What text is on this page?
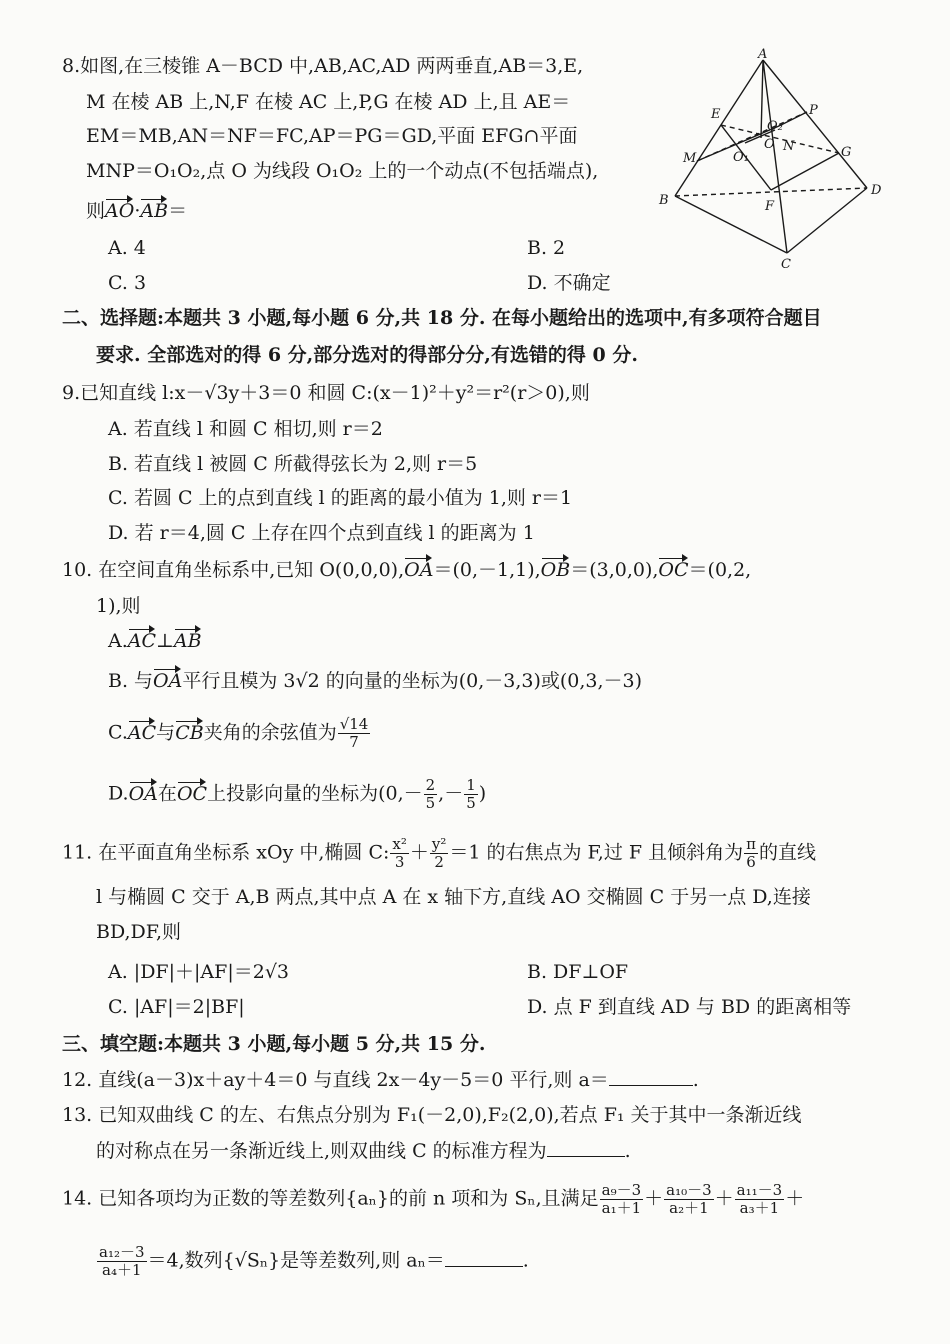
8.如图,在三棱锥 A－BCD 中,AB,AC,AD 两两垂直,AB＝3,E,
M 在棱 AB 上,N,F 在棱 AC 上,P,G 在棱 AD 上,且 AE＝
EM＝MB,AN＝NF＝FC,AP＝PG＝GD,平面 EFG∩平面
MNP＝O₁O₂,点 O 为线段 O₁O₂ 上的一个动点(不包括端点),
则AO·AB＝
A. 4	B. 2
C. 3	D. 不确定
A
B
C
D
E
M
F
N
P
G
O
O₁
O₂
二、选择题:本题共 3 小题,每小题 6 分,共 18 分. 在每小题给出的选项中,有多项符合题目
要求. 全部选对的得 6 分,部分选对的得部分分,有选错的得 0 分.
9.已知直线 l:x－√3y＋3＝0 和圆 C:(x－1)²＋y²＝r²(r＞0),则
A. 若直线 l 和圆 C 相切,则 r＝2
B. 若直线 l 被圆 C 所截得弦长为 2,则 r＝5
C. 若圆 C 上的点到直线 l 的距离的最小值为 1,则 r＝1
D. 若 r＝4,圆 C 上存在四个点到直线 l 的距离为 1
10. 在空间直角坐标系中,已知 O(0,0,0),OA＝(0,－1,1),OB＝(3,0,0),OC＝(0,2,
1),则
A.AC⊥AB
B. 与OA平行且模为 3√2 的向量的坐标为(0,－3,3)或(0,3,－3)
C.AC与CB夹角的余弦值为 $\frac{√14}{7}$
D.OA在OC上投影向量的坐标为($0,- \frac{2}{5}$ ,－ $\frac{1}{5}$ )
11. 在平面直角坐标系 xOy 中,椭圆 C: $\frac{\text{x²}}{3} + \frac{\text{y²}}{2} =1$ 的右焦点为 F,过 F 且倾斜角为 $\frac{\pi}{6}$ 的直线
l 与椭圆 C 交于 A,B 两点,其中点 A 在 x 轴下方,直线 AO 交椭圆 C 于另一点 D,连接
BD,DF,则
A. |DF|＋|AF|＝2√3	B. DF⊥OF
C. |AF|＝2|BF|	D. 点 F 到直线 AD 与 BD 的距离相等
三、填空题:本题共 3 小题,每小题 5 分,共 15 分.
12. 直线(a－3)x＋ay＋4＝0 与直线 2x－4y－5＝0 平行,则 a＝	.
13. 已知双曲线 C 的左、右焦点分别为 F₁(－2,0),F₂(2,0),若点 F₁ 关于其中一条渐近线
的对称点在另一条渐近线上,则双曲线 C 的标准方程为	.
14. 已知各项均为正数的等差数列{aₙ}的前 n 项和为 Sₙ,且满足 $\frac{\text{a₉－3}}{\text{a₁＋1}} + \frac{\text{a₁₀－3}}{\text{a₂＋1}} + \frac{\text{a₁₁－3}}{\text{a₃＋1}}$ ＋
$\frac{\text{a₁₂－3}}{\text{a₄＋1}} =4$,数列{√Sₙ}是等差数列,则 aₙ＝	.
